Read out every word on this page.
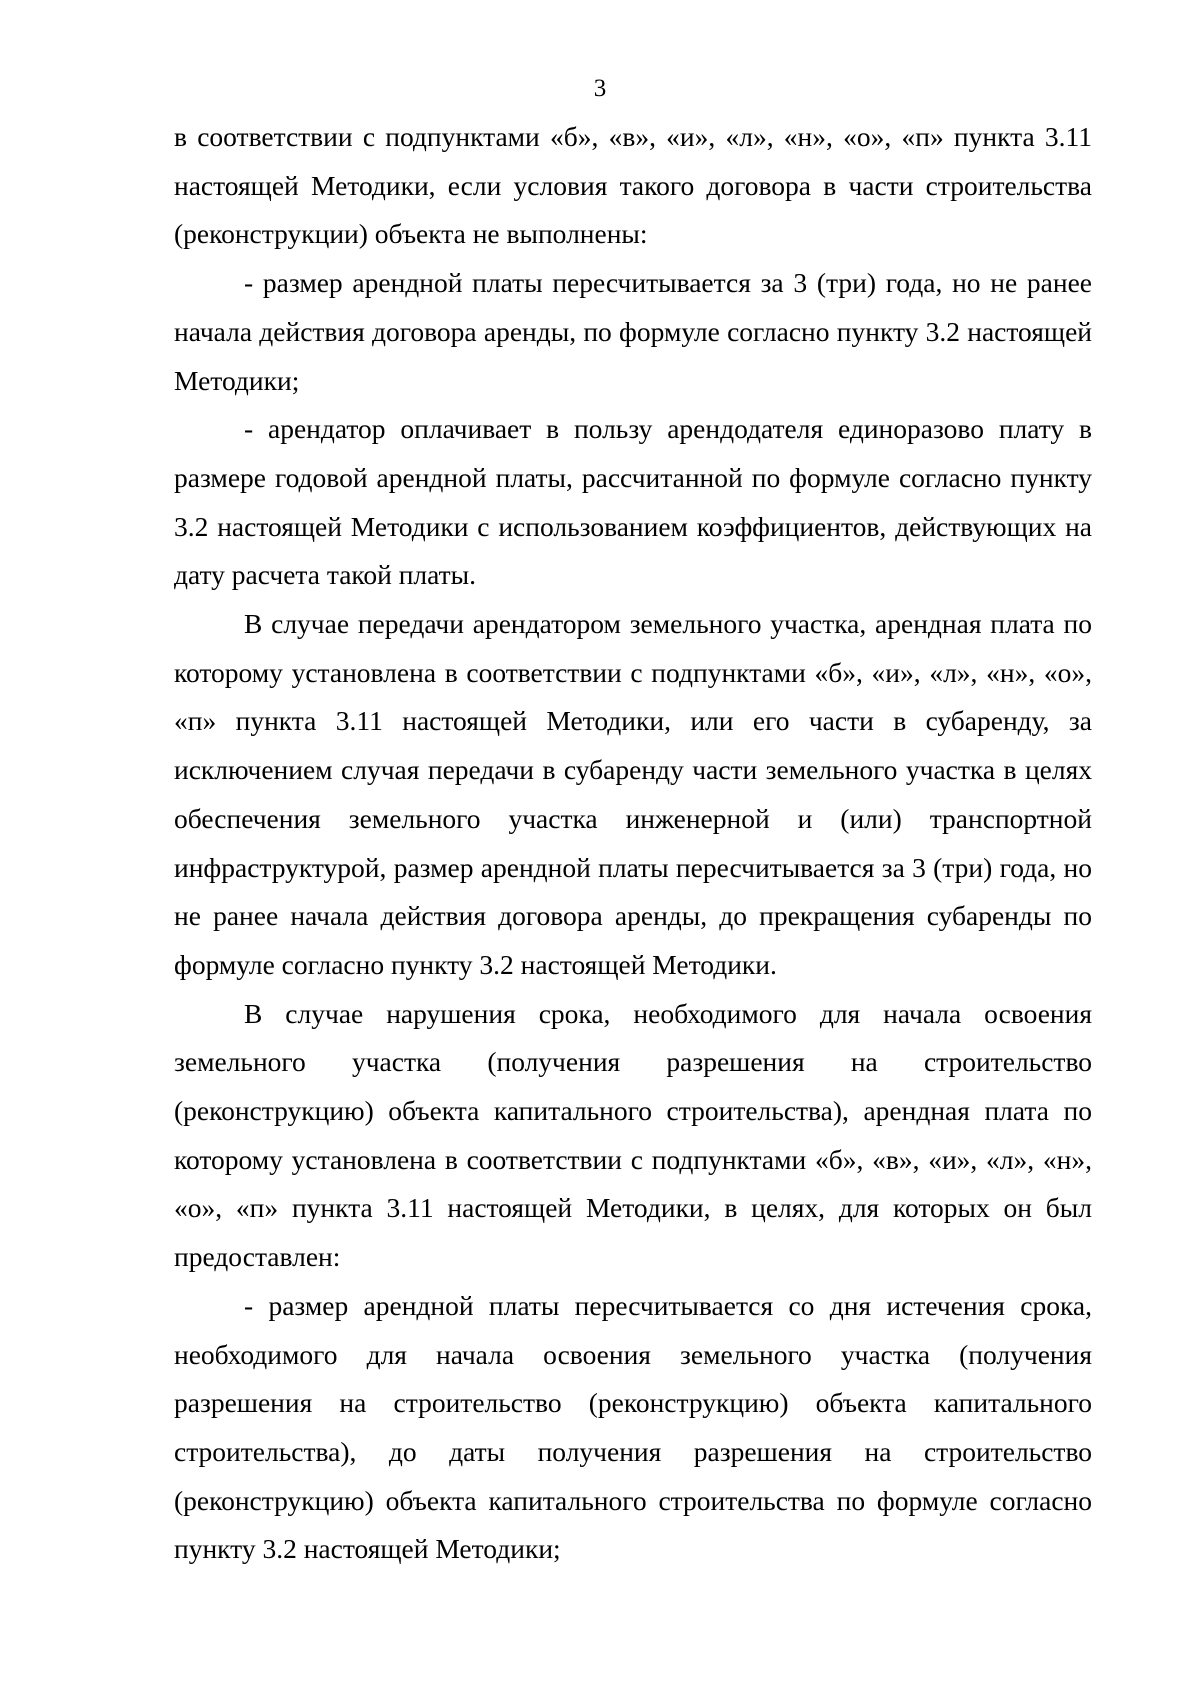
3

в соответствии с подпунктами «б», «в», «и», «л», «н», «о», «п» пункта 3.11 настоящей Методики, если условия такого договора в части строительства (реконструкции) объекта не выполнены:

- размер арендной платы пересчитывается за 3 (три) года, но не ранее начала действия договора аренды, по формуле согласно пункту 3.2 настоящей Методики;

- арендатор оплачивает в пользу арендодателя единоразово плату в размере годовой арендной платы, рассчитанной по формуле согласно пункту 3.2 настоящей Методики с использованием коэффициентов, действующих на дату расчета такой платы.

В случае передачи арендатором земельного участка, арендная плата по которому установлена в соответствии с подпунктами «б», «и», «л», «н», «о», «п» пункта 3.11 настоящей Методики, или его части в субаренду, за исключением случая передачи в субаренду части земельного участка в целях обеспечения земельного участка инженерной и (или) транспортной инфраструктурой, размер арендной платы пересчитывается за 3 (три) года, но не ранее начала действия договора аренды, до прекращения субаренды по формуле согласно пункту 3.2 настоящей Методики.

В случае нарушения срока, необходимого для начала освоения земельного участка (получения разрешения на строительство (реконструкцию) объекта капитального строительства), арендная плата по которому установлена в соответствии с подпунктами «б», «в», «и», «л», «н», «о», «п» пункта 3.11 настоящей Методики, в целях, для которых он был предоставлен:

- размер арендной платы пересчитывается со дня истечения срока, необходимого для начала освоения земельного участка (получения разрешения на строительство (реконструкцию) объекта капитального строительства), до даты получения разрешения на строительство (реконструкцию) объекта капитального строительства по формуле согласно пункту 3.2 настоящей Методики;
